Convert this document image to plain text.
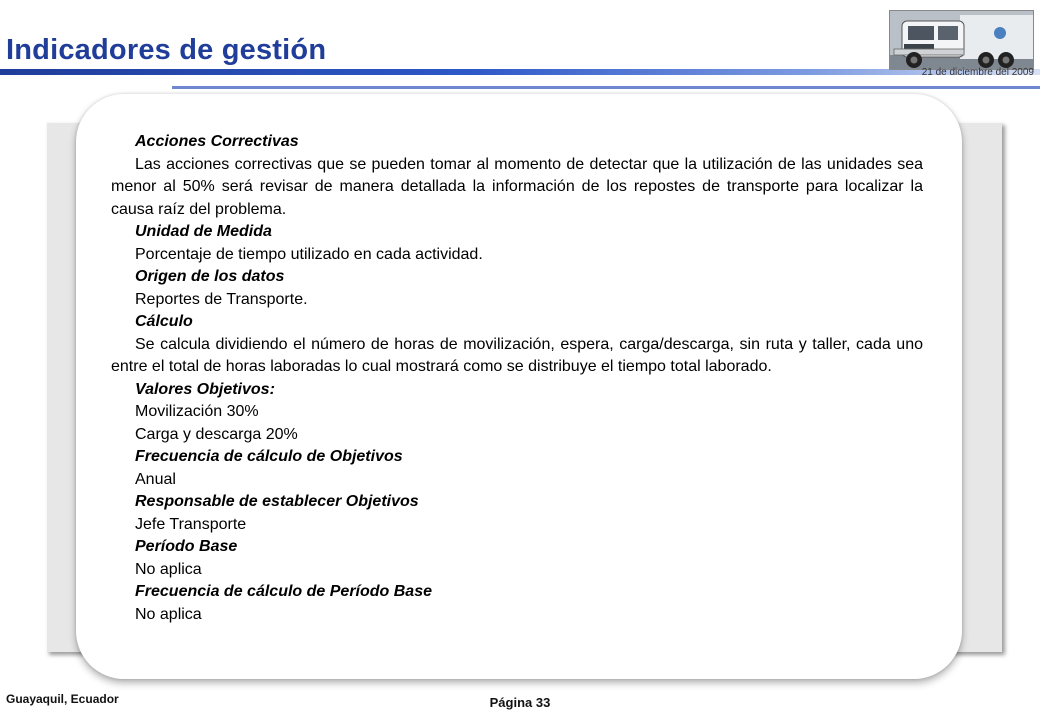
Indicadores de gestión
21 de diciembre del 2009

Acciones Correctivas

Las acciones correctivas que se pueden tomar al momento de detectar que la utilización de las unidades sea menor al 50% será revisar de manera detallada la información de los repostes de transporte para localizar la causa raíz del problema.

Unidad de Medida

Porcentaje de tiempo utilizado en cada actividad.

Origen de los datos

Reportes de Transporte.

Cálculo

Se calcula dividiendo el número de horas de movilización, espera, carga/descarga, sin ruta y taller, cada uno entre el total de horas laboradas lo cual mostrará como se distribuye el tiempo total laborado.

Valores Objetivos:

Movilización 30%

Carga y descarga 20%

Frecuencia de cálculo de Objetivos

Anual

Responsable de establecer Objetivos

Jefe Transporte

Período Base

No aplica

Frecuencia de cálculo de Período Base

No aplica

Guayaquil, Ecuador	Página 33
